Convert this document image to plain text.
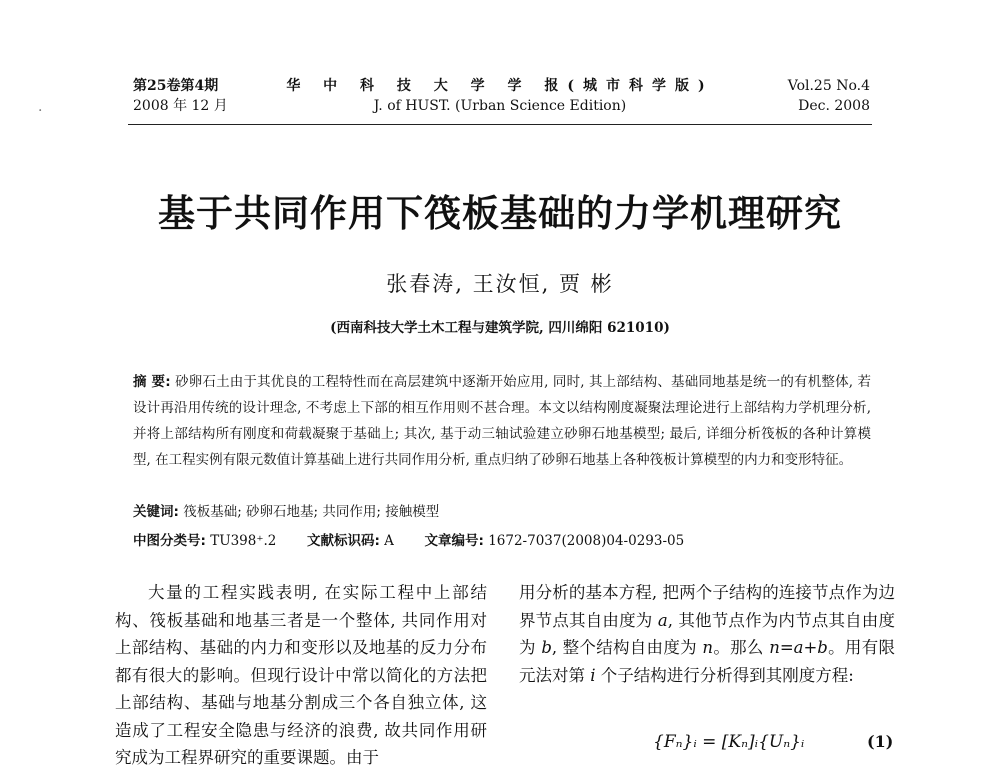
第25卷第4期
2008 年 12 月
华 中 科 技 大 学 学 报(城市科学版)
J. of HUST. (Urban Science Edition)
Vol.25 No.4
Dec. 2008
·
基于共同作用下筏板基础的力学机理研究
张春涛, 王汝恒, 贾 彬
(西南科技大学土木工程与建筑学院, 四川绵阳 621010)
摘 要: 砂卵石土由于其优良的工程特性而在高层建筑中逐渐开始应用, 同时, 其上部结构、基础同地基是统一的有机整体, 若设计再沿用传统的设计理念, 不考虑上下部的相互作用则不甚合理。本文以结构刚度凝聚法理论进行上部结构力学机理分析, 并将上部结构所有刚度和荷载凝聚于基础上; 其次, 基于动三轴试验建立砂卵石地基模型; 最后, 详细分析筏板的各种计算模型, 在工程实例有限元数值计算基础上进行共同作用分析, 重点归纳了砂卵石地基上各种筏板计算模型的内力和变形特征。
关键词: 筏板基础; 砂卵石地基; 共同作用; 接触模型
中图分类号: TU398⁺.2 文献标识码: A 文章编号: 1672-7037(2008)04-0293-05
大量的工程实践表明, 在实际工程中上部结构、筏板基础和地基三者是一个整体, 共同作用对上部结构、基础的内力和变形以及地基的反力分布都有很大的影响。但现行设计中常以简化的方法把上部结构、基础与地基分割成三个各自独立体, 这造成了工程安全隐患与经济的浪费, 故共同作用研究成为工程界研究的重要课题。由于
用分析的基本方程, 把两个子结构的连接节点作为边界节点其自由度为 a, 其他节点作为内节点其自由度为 b, 整个结构自由度为 n。那么 n=a+b。用有限元法对第 i 个子结构进行分析得到其刚度方程:
{Fₙ}ᵢ = [Kₙ]ᵢ{Uₙ}ᵢ	(1)
